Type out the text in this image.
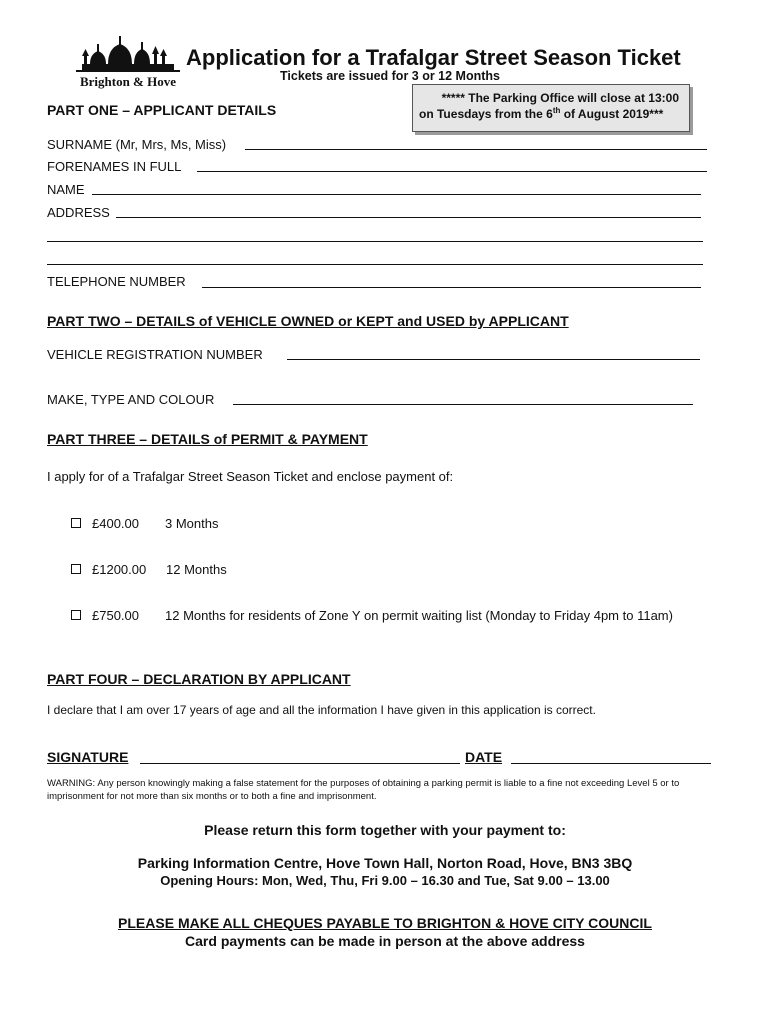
Brighton & Hove
Application for a Trafalgar Street Season Ticket
Tickets are issued for 3 or 12 Months
***** The Parking Office will close at 13:00
on Tuesdays from the 6th of August 2019***
PART ONE – APPLICANT DETAILS
SURNAME (Mr, Mrs, Ms, Miss)
FORENAMES IN FULL
NAME
ADDRESS
TELEPHONE NUMBER
PART TWO – DETAILS of VEHICLE OWNED or KEPT and USED by APPLICANT
VEHICLE REGISTRATION NUMBER
MAKE, TYPE AND COLOUR
PART THREE – DETAILS of PERMIT & PAYMENT
I apply for of a Trafalgar Street Season Ticket and enclose payment of:
£400.00 3 Months
£1200.00 12 Months
£750.00 12 Months for residents of Zone Y on permit waiting list (Monday to Friday 4pm to 11am)
PART FOUR – DECLARATION BY APPLICANT
I declare that I am over 17 years of age and all the information I have given in this application is correct.
SIGNATURE	DATE
WARNING: Any person knowingly making a false statement for the purposes of obtaining a parking permit is liable to a fine not exceeding Level 5 or to imprisonment for not more than six months or to both a fine and imprisonment.
Please return this form together with your payment to:
Parking Information Centre, Hove Town Hall, Norton Road, Hove, BN3 3BQ
Opening Hours: Mon, Wed, Thu, Fri 9.00 – 16.30 and Tue, Sat 9.00 – 13.00
PLEASE MAKE ALL CHEQUES PAYABLE TO BRIGHTON & HOVE CITY COUNCIL
Card payments can be made in person at the above address
